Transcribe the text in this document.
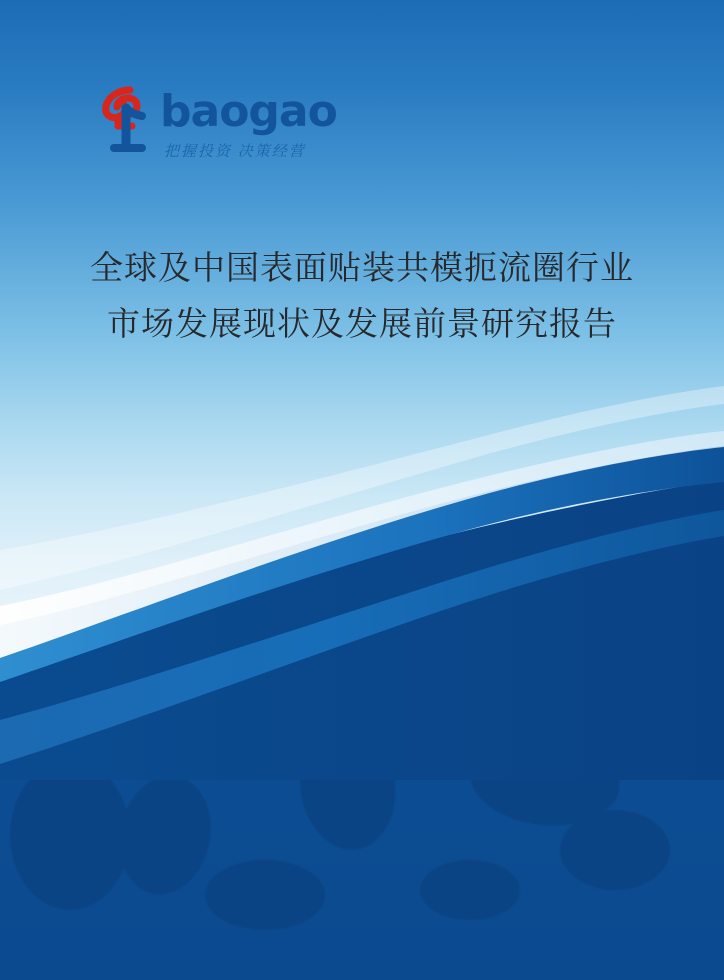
baogao
把握投资 决策经营
全球及中国表面贴装共模扼流圈行业
市场发展现状及发展前景研究报告
